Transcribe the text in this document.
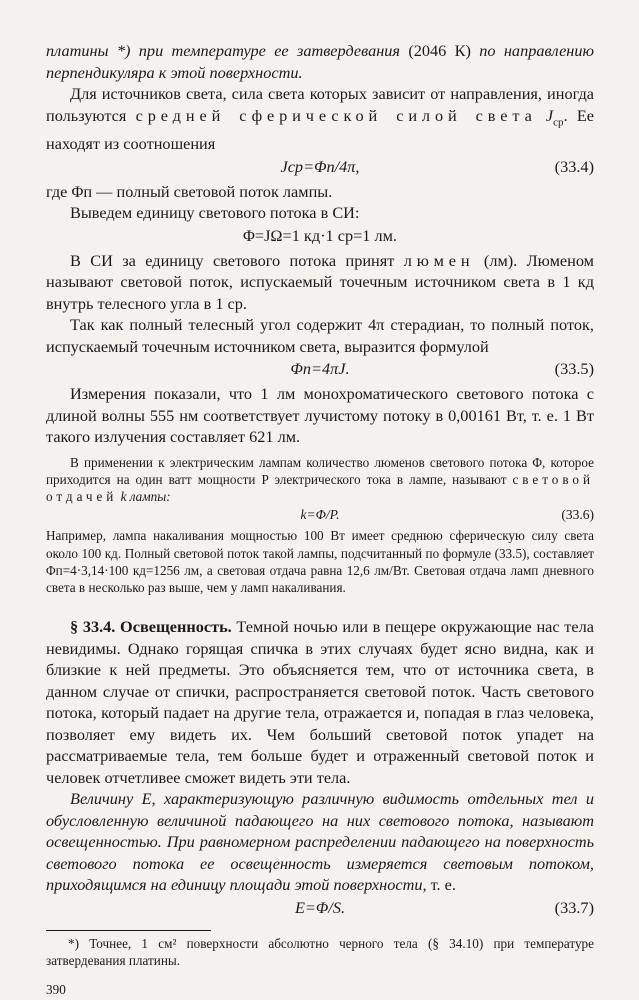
платины *) при температуре ее затвердевания (2046 К) по направлению перпендикуляра к этой поверхности.

Для источников света, сила света которых зависит от направления, иногда пользуются средней сферической силой света $J_{ср}$. Ее находят из соотношения

Jср=Φп/4π,	(33.4)

где Φп — полный световой поток лампы.

Выведем единицу светового потока в СИ:

Φ=JΩ=1 кд·1 ср=1 лм.

В СИ за единицу светового потока принят люмен (лм). Люменом называют световой поток, испускаемый точечным источником света в 1 кд внутрь телесного угла в 1 ср.

Так как полный телесный угол содержит 4π стерадиан, то полный поток, испускаемый точечным источником света, выразится формулой

Φп=4πJ.	(33.5)

Измерения показали, что 1 лм монохроматического светового потока с длиной волны 555 нм соответствует лучистому потоку в 0,00161 Вт, т. е. 1 Вт такого излучения составляет 621 лм.

В применении к электрическим лампам количество люменов светового потока Φ, которое приходится на один ватт мощности P электрического тока в лампе, называют световой отдачей k лампы:

k=Φ/P.	(33.6)

Например, лампа накаливания мощностью 100 Вт имеет среднюю сферическую силу света около 100 кд. Полный световой поток такой лампы, подсчитанный по формуле (33.5), составляет Φп=4·3,14·100 кд=1256 лм, а световая отдача равна 12,6 лм/Вт. Световая отдача ламп дневного света в несколько раз выше, чем у ламп накаливания.

§ 33.4. Освещенность. Темной ночью или в пещере окружающие нас тела невидимы. Однако горящая спичка в этих случаях будет ясно видна, как и близкие к ней предметы. Это объясняется тем, что от источника света, в данном случае от спички, распространяется световой поток. Часть светового потока, который падает на другие тела, отражается и, попадая в глаз человека, позволяет ему видеть их. Чем больший световой поток упадет на рассматриваемые тела, тем больше будет и отраженный световой поток и человек отчетливее сможет видеть эти тела.

Величину E, характеризующую различную видимость отдельных тел и обусловленную величиной падающего на них светового потока, называют освещенностью. При равномерном распределении падающего на поверхность светового потока ее освещенность измеряется световым потоком, приходящимся на единицу площади этой поверхности, т. е.

E=Φ/S.	(33.7)

*) Точнее, 1 см² поверхности абсолютно черного тела (§ 34.10) при температуре затвердевания платины.

390
